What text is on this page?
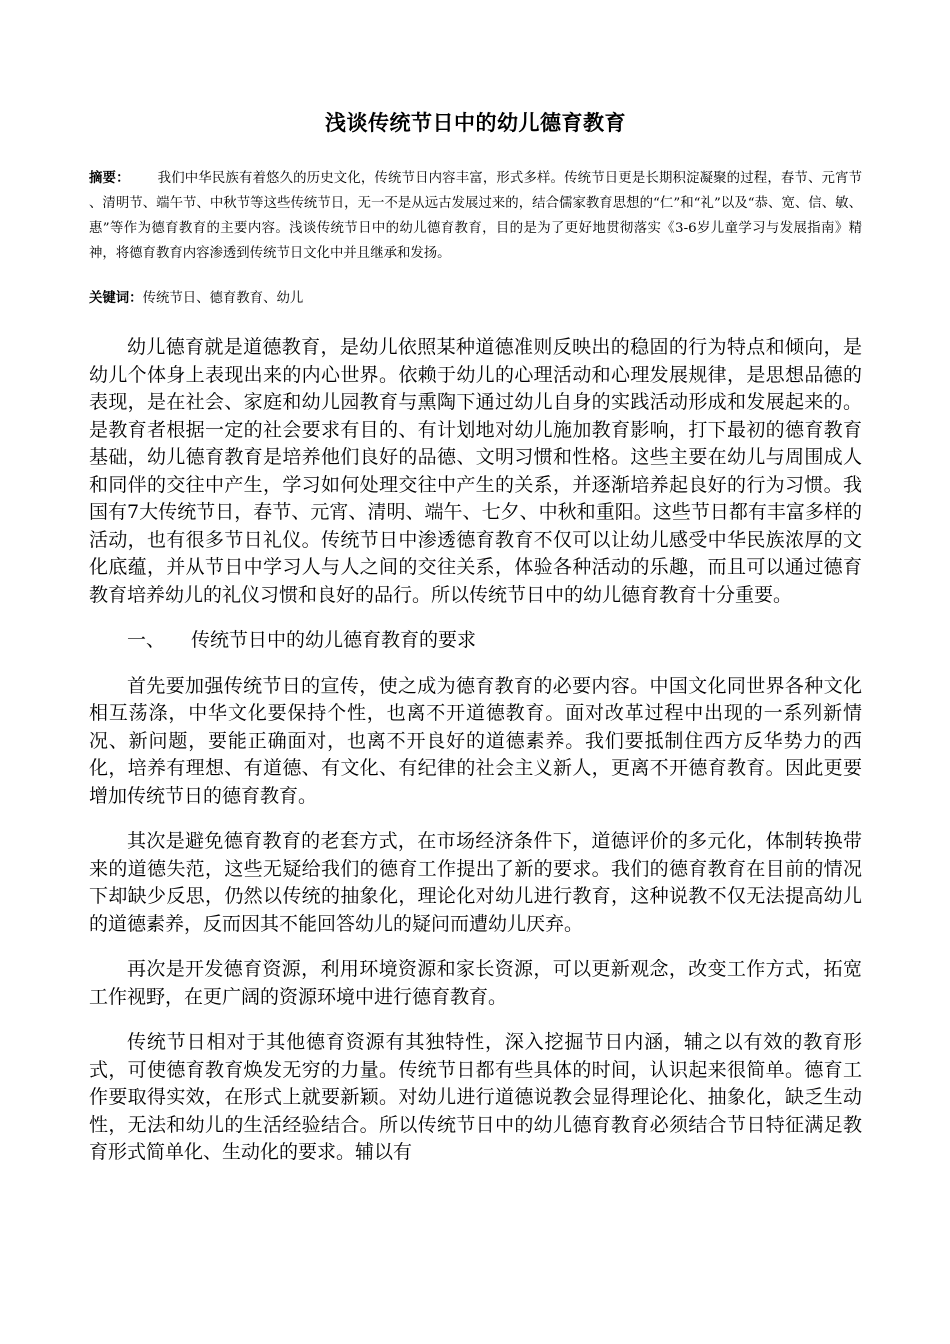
浅谈传统节日中的幼儿德育教育

摘要： 我们中华民族有着悠久的历史文化，传统节日内容丰富，形式多样。传统节日更是长期积淀凝聚的过程，春节、元宵节 、清明节、端午节、中秋节等这些传统节日，无一不是从远古发展过来的，结合儒家教育思想的“仁”和“礼”以及“恭、宽、信、敏、惠”等作为德育教育的主要内容。浅谈传统节日中的幼儿德育教育，目的是为了更好地贯彻落实《3-6岁儿童学习与发展指南》精神，将德育教育内容渗透到传统节日文化中并且继承和发扬。

关键词：传统节日、德育教育、幼儿

幼儿德育就是道德教育，是幼儿依照某种道德准则反映出的稳固的行为特点和倾向，是幼儿个体身上表现出来的内心世界。依赖于幼儿的心理活动和心理发展规律，是思想品德的表现，是在社会、家庭和幼儿园教育与熏陶下通过幼儿自身的实践活动形成和发展起来的。是教育者根据一定的社会要求有目的、有计划地对幼儿施加教育影响，打下最初的德育教育基础，幼儿德育教育是培养他们良好的品德、文明习惯和性格。这些主要在幼儿与周围成人和同伴的交往中产生，学习如何处理交往中产生的关系，并逐渐培养起良好的行为习惯。我国有7大传统节日，春节、元宵、清明、端午、七夕、中秋和重阳。这些节日都有丰富多样的活动，也有很多节日礼仪。传统节日中渗透德育教育不仅可以让幼儿感受中华民族浓厚的文化底蕴，并从节日中学习人与人之间的交往关系，体验各种活动的乐趣，而且可以通过德育教育培养幼儿的礼仪习惯和良好的品行。所以传统节日中的幼儿德育教育十分重要。

一、 传统节日中的幼儿德育教育的要求

首先要加强传统节日的宣传，使之成为德育教育的必要内容。中国文化同世界各种文化相互荡涤，中华文化要保持个性，也离不开道德教育。面对改革过程中出现的一系列新情况、新问题，要能正确面对，也离不开良好的道德素养。我们要抵制住西方反华势力的西化，培养有理想、有道德、有文化、有纪律的社会主义新人，更离不开德育教育。因此更要增加传统节日的德育教育。

其次是避免德育教育的老套方式，在市场经济条件下，道德评价的多元化，体制转换带来的道德失范，这些无疑给我们的德育工作提出了新的要求。我们的德育教育在目前的情况下却缺少反思，仍然以传统的抽象化，理论化对幼儿进行教育，这种说教不仅无法提高幼儿的道德素养，反而因其不能回答幼儿的疑问而遭幼儿厌弃。

再次是开发德育资源，利用环境资源和家长资源，可以更新观念，改变工作方式，拓宽工作视野，在更广阔的资源环境中进行德育教育。

传统节日相对于其他德育资源有其独特性，深入挖掘节日内涵，辅之以有效的教育形式，可使德育教育焕发无穷的力量。传统节日都有些具体的时间，认识起来很简单。德育工作要取得实效，在形式上就要新颖。对幼儿进行道德说教会显得理论化、抽象化，缺乏生动性，无法和幼儿的生活经验结合。所以传统节日中的幼儿德育教育必须结合节日特征满足教育形式简单化、生动化的要求。辅以有
